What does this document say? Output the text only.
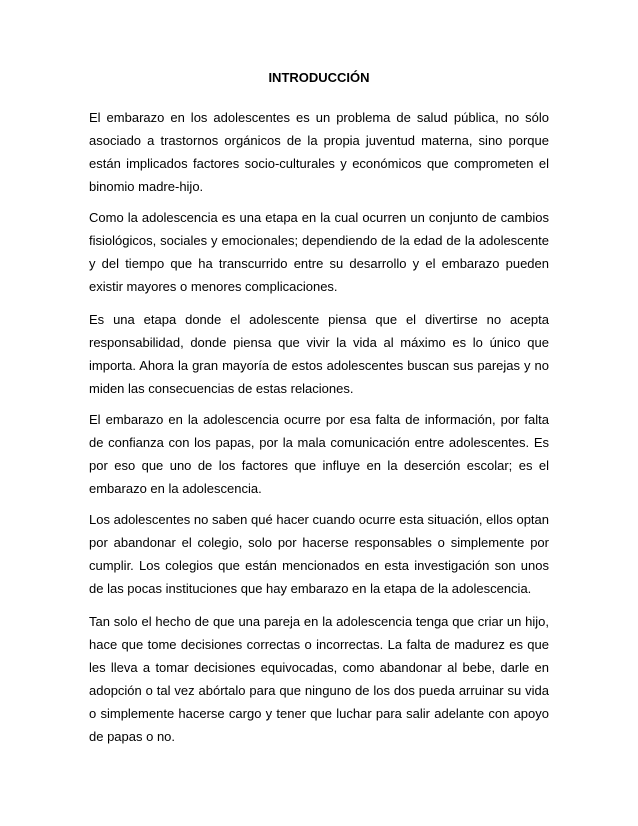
INTRODUCCIÓN

El embarazo en los adolescentes es un problema de salud pública, no sólo asociado a trastornos orgánicos de la propia juventud materna, sino porque están implicados factores socio-culturales y económicos que comprometen el binomio madre-hijo.

Como la adolescencia es una etapa en la cual ocurren un conjunto de cambios fisiológicos, sociales y emocionales; dependiendo de la edad de la adolescente y del tiempo que ha transcurrido entre su desarrollo y el embarazo pueden existir mayores o menores complicaciones.

Es una etapa donde el adolescente piensa que el divertirse no acepta responsabilidad, donde piensa que vivir la vida al máximo es lo único que importa. Ahora la gran mayoría de estos adolescentes buscan sus parejas y no miden las consecuencias de estas relaciones.

El embarazo en la adolescencia ocurre por esa falta de información, por falta de confianza con los papas, por la mala comunicación entre adolescentes. Es por eso que uno de los factores que influye en la deserción escolar; es el embarazo en la adolescencia.

Los adolescentes no saben qué hacer cuando ocurre esta situación, ellos optan por abandonar el colegio, solo por hacerse responsables o simplemente por cumplir. Los colegios que están mencionados en esta investigación son unos de las pocas instituciones que hay embarazo en la etapa de la adolescencia.

Tan solo el hecho de que una pareja en la adolescencia tenga que criar un hijo, hace que tome decisiones correctas o incorrectas. La falta de madurez es que les lleva a tomar decisiones equivocadas, como abandonar al bebe, darle en adopción o tal vez abórtalo para que ninguno de los dos pueda arruinar su vida o simplemente hacerse cargo y tener que luchar para salir adelante con apoyo de papas o no.
